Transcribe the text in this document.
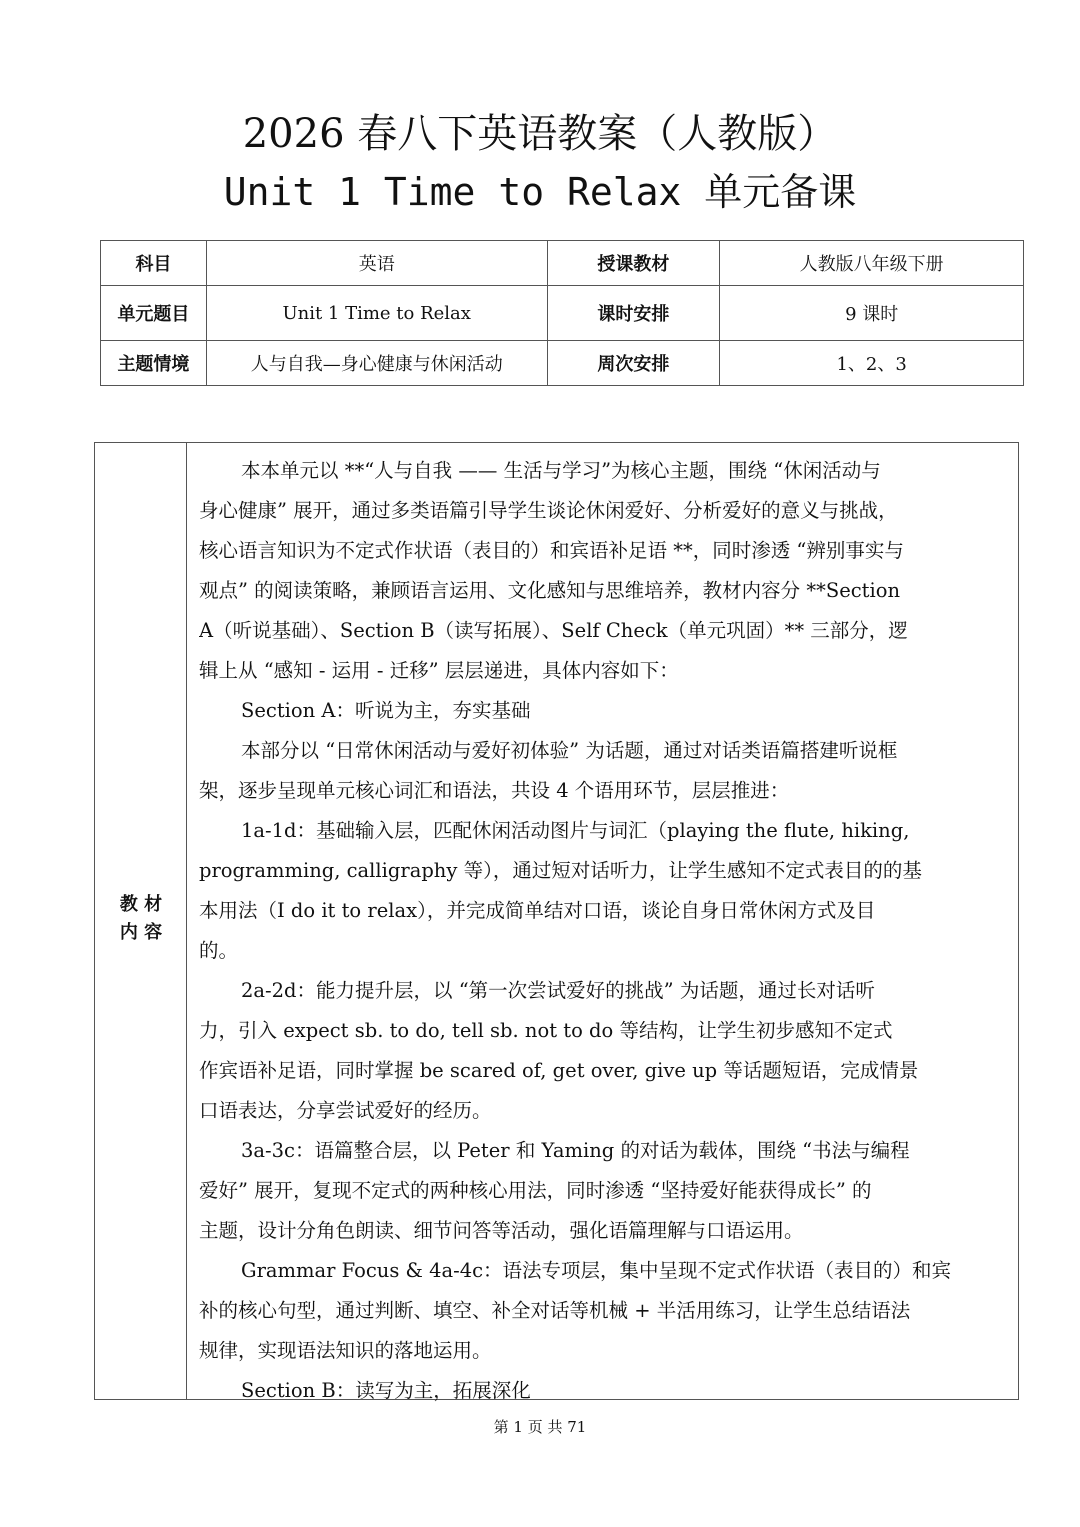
2026 春八下英语教案（人教版）
Unit 1 Time to Relax 单元备课
科目	英语	授课教材	人教版八年级下册
单元题目	Unit 1 Time to Relax	课时安排	9 课时
主题情境	人与自我—身心健康与休闲活动	周次安排	1、2、3
教 材
内 容
本本单元以 **“人与自我 —— 生活与学习”为核心主题，围绕 “休闲活动与
身心健康” 展开，通过多类语篇引导学生谈论休闲爱好、分析爱好的意义与挑战，
核心语言知识为不定式作状语（表目的）和宾语补足语 **，同时渗透 “辨别事实与
观点” 的阅读策略，兼顾语言运用、文化感知与思维培养，教材内容分 **Section
A（听说基础）、Section B（读写拓展）、Self Check（单元巩固）** 三部分，逻
辑上从 “感知 - 运用 - 迁移” 层层递进，具体内容如下：
Section A：听说为主，夯实基础
本部分以 “日常休闲活动与爱好初体验” 为话题，通过对话类语篇搭建听说框
架，逐步呈现单元核心词汇和语法，共设 4 个语用环节，层层推进：
1a-1d：基础输入层，匹配休闲活动图片与词汇（playing the flute, hiking,
programming, calligraphy 等），通过短对话听力，让学生感知不定式表目的的基
本用法（I do it to relax），并完成简单结对口语，谈论自身日常休闲方式及目
的。
2a-2d：能力提升层，以 “第一次尝试爱好的挑战” 为话题，通过长对话听
力，引入 expect sb. to do, tell sb. not to do 等结构，让学生初步感知不定式
作宾语补足语，同时掌握 be scared of, get over, give up 等话题短语，完成情景
口语表达，分享尝试爱好的经历。
3a-3c：语篇整合层，以 Peter 和 Yaming 的对话为载体，围绕 “书法与编程
爱好” 展开，复现不定式的两种核心用法，同时渗透 “坚持爱好能获得成长” 的
主题，设计分角色朗读、细节问答等活动，强化语篇理解与口语运用。
Grammar Focus & 4a-4c：语法专项层，集中呈现不定式作状语（表目的）和宾
补的核心句型，通过判断、填空、补全对话等机械 + 半活用练习，让学生总结语法
规律，实现语法知识的落地运用。
Section B：读写为主，拓展深化
第 1 页 共 71
